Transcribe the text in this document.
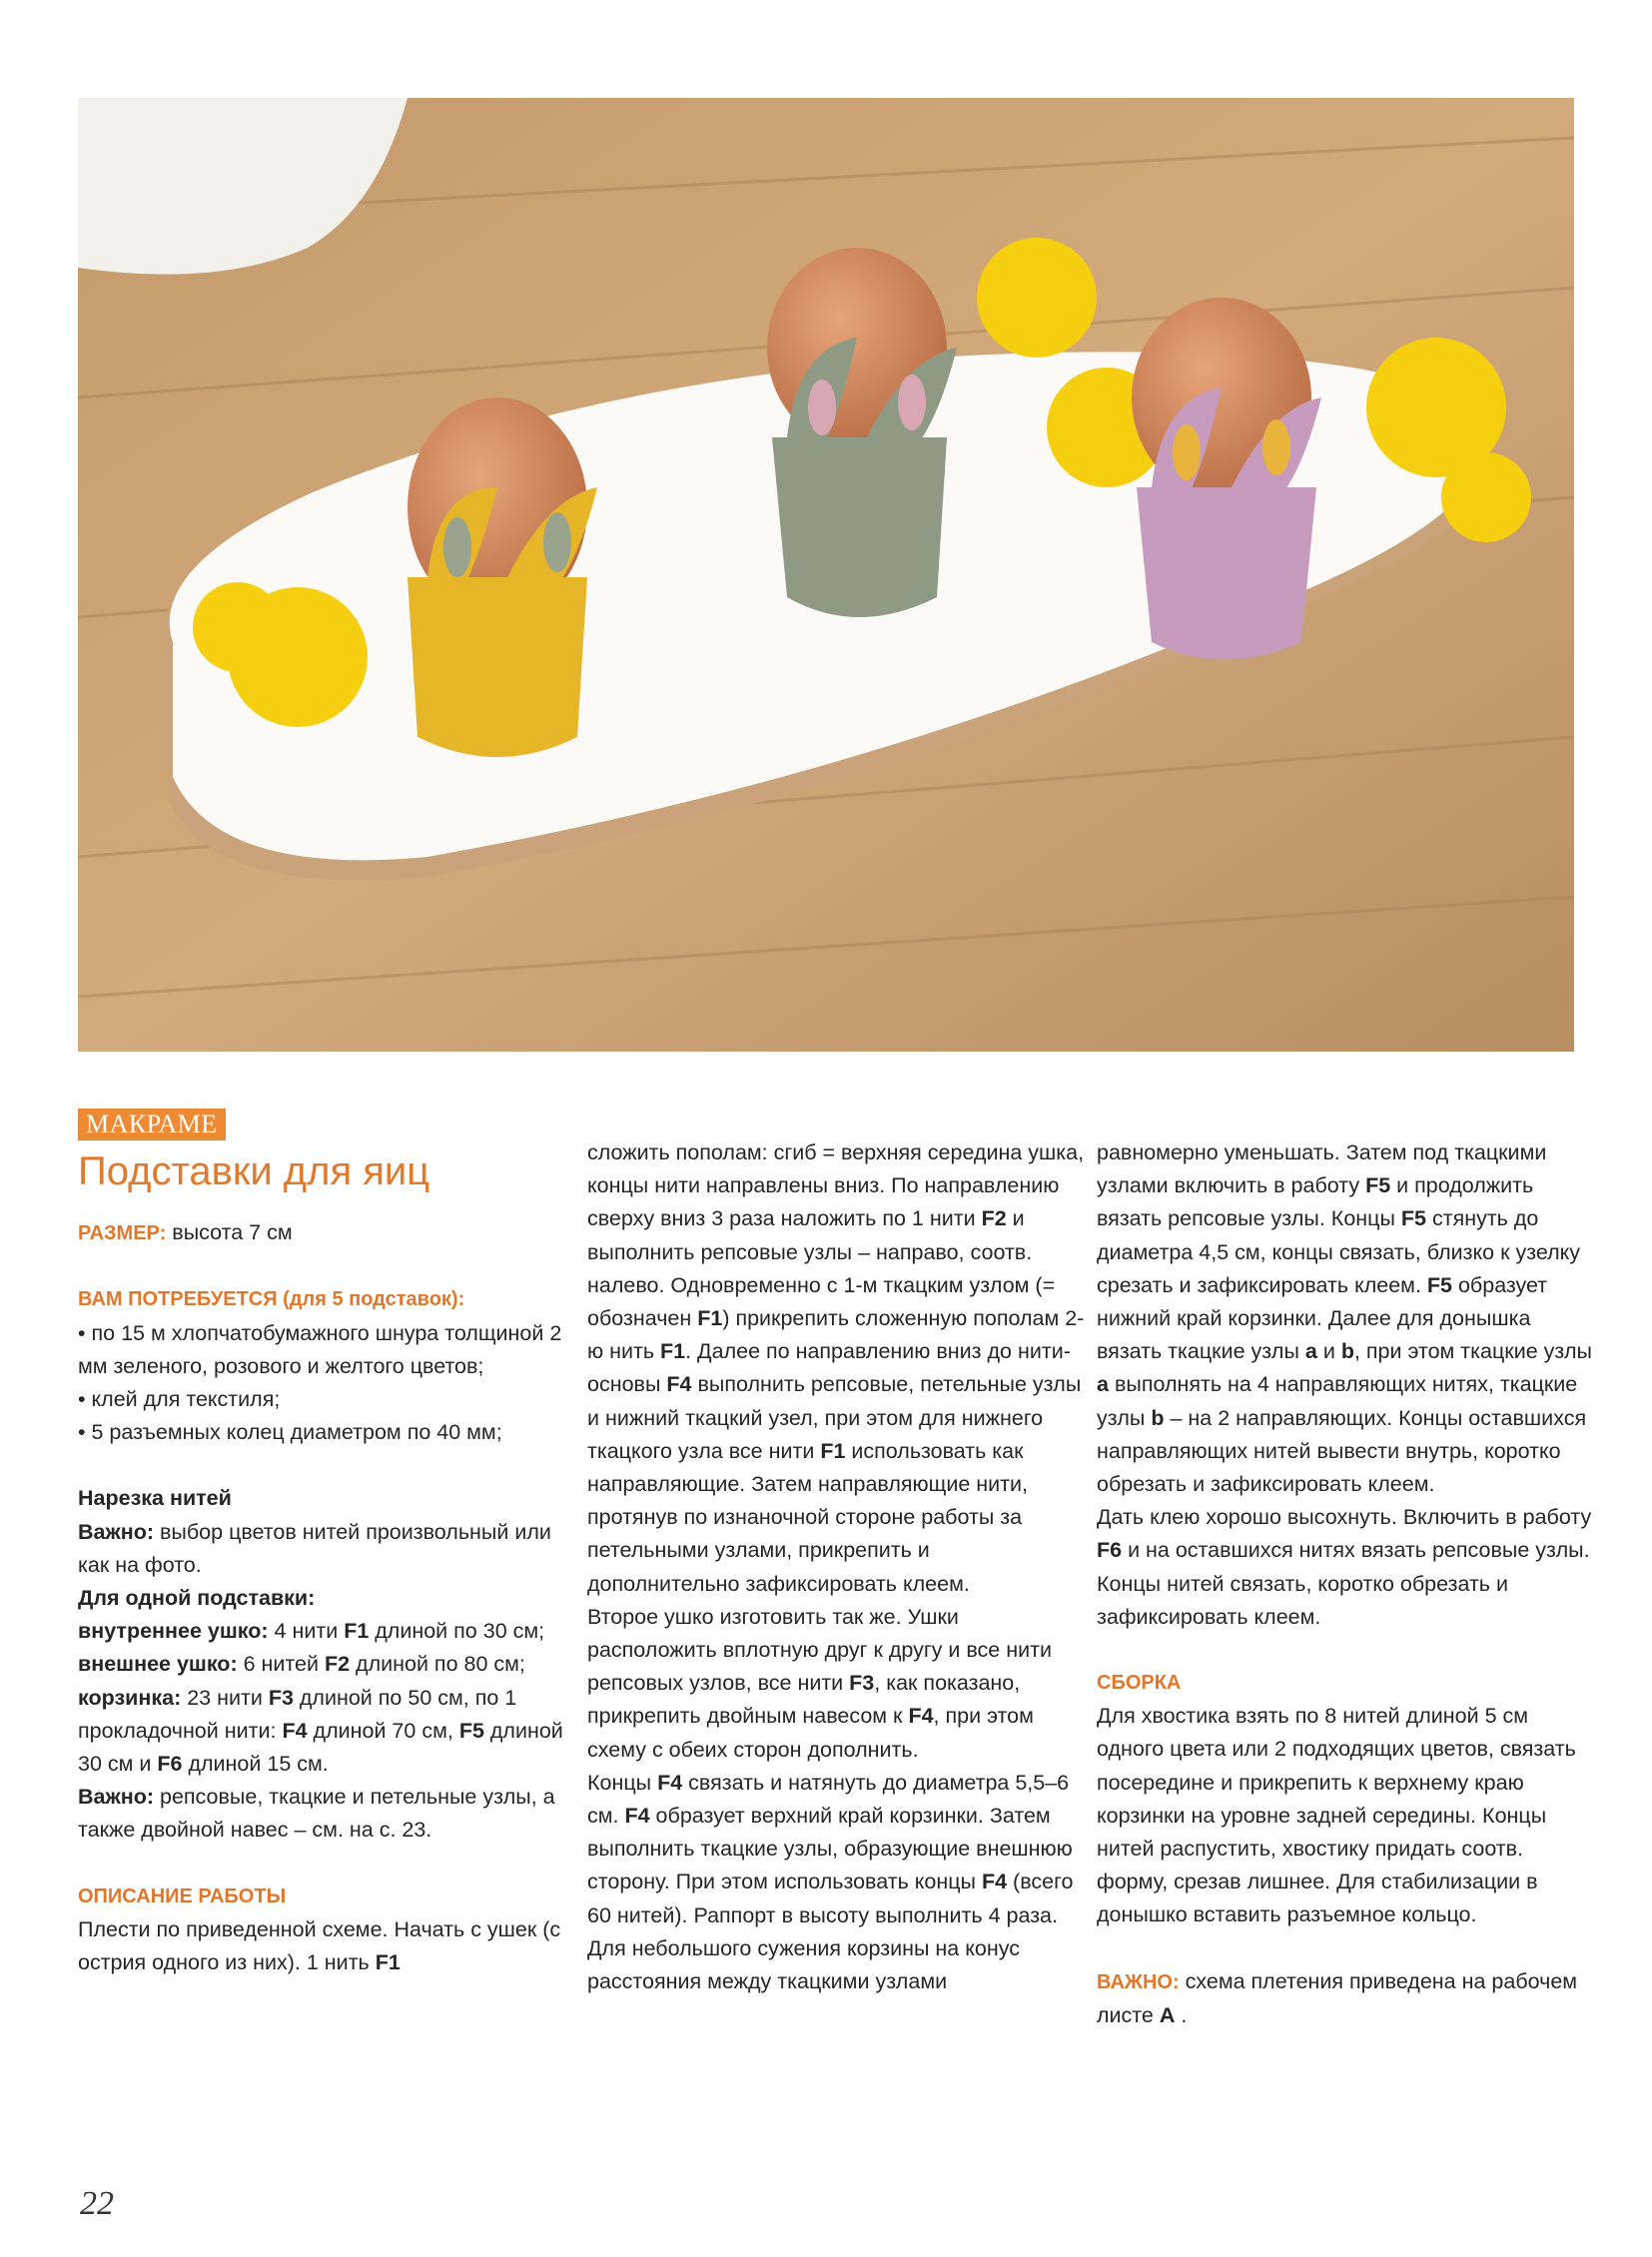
МАКРАМЕ
Подставки для яиц

РАЗМЕР: высота 7 см

ВАМ ПОТРЕБУЕТСЯ (для 5 подставок):

• по 15 м хлопчатобумажного шнура толщиной 2 мм зеленого, розового и желтого цветов;

• клей для текстиля;

• 5 разъемных колец диаметром по 40 мм;

Нарезка нитей

Важно: выбор цветов нитей произвольный или как на фото.

Для одной подставки:

внутреннее ушко: 4 нити F1 длиной по 30 см;

внешнее ушко: 6 нитей F2 длиной по 80 см;

корзинка: 23 нити F3 длиной по 50 см, по 1 прокладочной нити: F4 длиной 70 см, F5 длиной 30 см и F6 длиной 15 см.

Важно: репсовые, ткацкие и петельные узлы, а также двойной навес – см. на с. 23.

ОПИСАНИЕ РАБОТЫ

Плести по приведенной схеме. Начать с ушек (с острия одного из них). 1 нить F1

сложить пополам: сгиб = верхняя середина ушка, концы нити направлены вниз. По направлению сверху вниз 3 раза наложить по 1 нити F2 и выполнить репсовые узлы – направо, соотв. налево. Одновременно с 1-м ткацким узлом (= обозначен F1) прикрепить сложенную пополам 2-ю нить F1. Далее по направлению вниз до нити-основы F4 выполнить репсовые, петельные узлы и нижний ткацкий узел, при этом для нижнего ткацкого узла все нити F1 использовать как направляющие. Затем направляющие нити, протянув по изнаночной стороне работы за петельными узлами, прикрепить и дополнительно зафиксировать клеем.

Второе ушко изготовить так же. Ушки расположить вплотную друг к другу и все нити репсовых узлов, все нити F3, как показано, прикрепить двойным навесом к F4, при этом схему с обеих сторон дополнить.

Концы F4 связать и натянуть до диаметра 5,5–6 см. F4 образует верхний край корзинки. Затем выполнить ткацкие узлы, образующие внешнюю сторону. При этом использовать концы F4 (всего 60 нитей). Раппорт в высоту выполнить 4 раза. Для небольшого сужения корзины на конус расстояния между ткацкими узлами

равномерно уменьшать. Затем под ткацкими узлами включить в работу F5 и продолжить вязать репсовые узлы. Концы F5 стянуть до диаметра 4,5 см, концы связать, близко к узелку срезать и зафиксировать клеем. F5 образует нижний край корзинки. Далее для донышка вязать ткацкие узлы a и b, при этом ткацкие узлы a выполнять на 4 направляющих нитях, ткацкие узлы b – на 2 направляющих. Концы оставшихся направляющих нитей вывести внутрь, коротко обрезать и зафиксировать клеем.

Дать клею хорошо высохнуть. Включить в работу F6 и на оставшихся нитях вязать репсовые узлы. Концы нитей связать, коротко обрезать и зафиксировать клеем.

СБОРКА

Для хвостика взять по 8 нитей длиной 5 см одного цвета или 2 подходящих цветов, связать посередине и прикрепить к верхнему краю корзинки на уровне задней середины. Концы нитей распустить, хвостику придать соотв. форму, срезав лишнее. Для стабилизации в донышко вставить разъемное кольцо.

ВАЖНО: схема плетения приведена на рабочем листе А .

22
